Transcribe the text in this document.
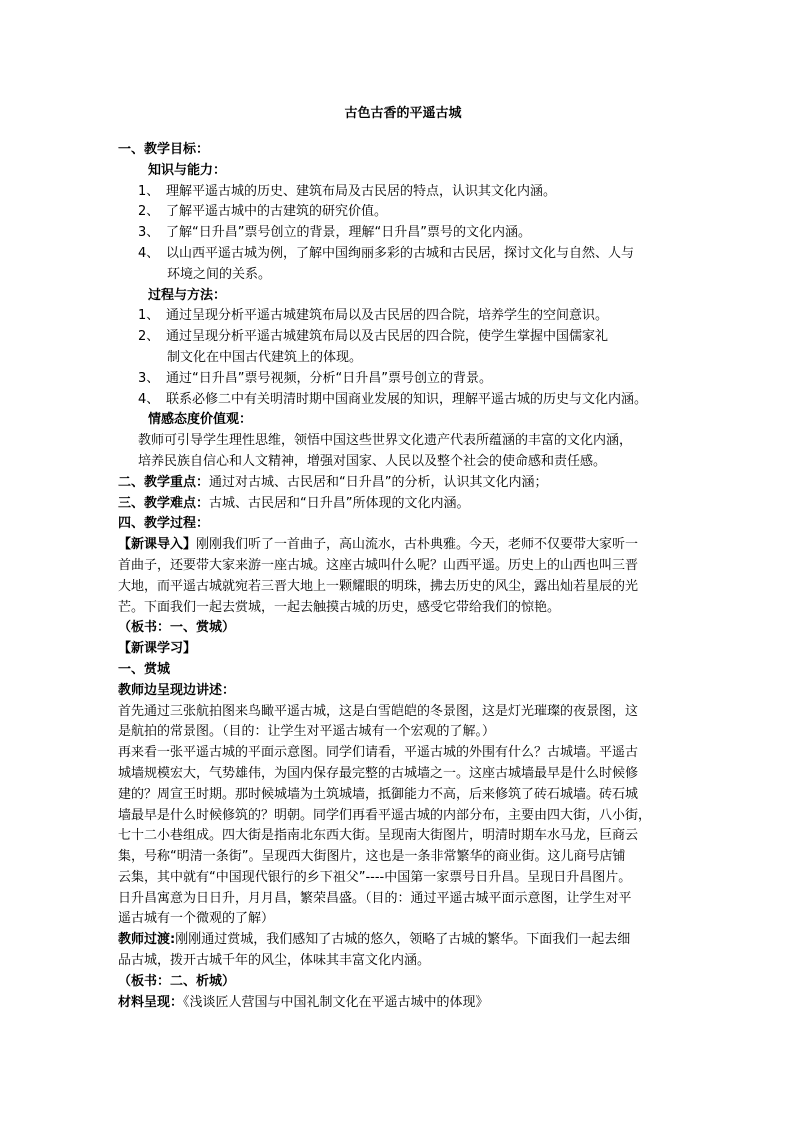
古色古香的平遥古城
一、教学目标：
知识与能力：
1、 理解平遥古城的历史、建筑布局及古民居的特点，认识其文化内涵。
2、 了解平遥古城中的古建筑的研究价值。
3、 了解“日升昌”票号创立的背景，理解“日升昌”票号的文化内涵。
4、 以山西平遥古城为例，了解中国绚丽多彩的古城和古民居，探讨文化与自然、人与
环境之间的关系。
过程与方法：
1、 通过呈现分析平遥古城建筑布局以及古民居的四合院，培养学生的空间意识。
2、 通过呈现分析平遥古城建筑布局以及古民居的四合院，使学生掌握中国儒家礼
制文化在中国古代建筑上的体现。
3、 通过“日升昌”票号视频，分析“日升昌”票号创立的背景。
4、 联系必修二中有关明清时期中国商业发展的知识，理解平遥古城的历史与文化内涵。
情感态度价值观：
教师可引导学生理性思维，领悟中国这些世界文化遗产代表所蕴涵的丰富的文化内涵，
培养民族自信心和人文精神，增强对国家、人民以及整个社会的使命感和责任感。
二、教学重点：通过对古城、古民居和“日升昌”的分析，认识其文化内涵；
三、教学难点：古城、古民居和“日升昌”所体现的文化内涵。
四、教学过程：
【新课导入】刚刚我们听了一首曲子，高山流水，古朴典雅。今天，老师不仅要带大家听一
首曲子，还要带大家来游一座古城。这座古城叫什么呢？山西平遥。历史上的山西也叫三晋
大地，而平遥古城就宛若三晋大地上一颗耀眼的明珠，拂去历史的风尘，露出灿若星辰的光
芒。下面我们一起去赏城，一起去触摸古城的历史，感受它带给我们的惊艳。
（板书：一、赏城）
【新课学习】
一、赏城
教师边呈现边讲述：
首先通过三张航拍图来鸟瞰平遥古城，这是白雪皑皑的冬景图，这是灯光璀璨的夜景图，这
是航拍的常景图。（目的：让学生对平遥古城有一个宏观的了解。）
再来看一张平遥古城的平面示意图。同学们请看，平遥古城的外围有什么？古城墙。平遥古
城墙规模宏大，气势雄伟，为国内保存最完整的古城墙之一。这座古城墙最早是什么时候修
建的？周宣王时期。那时候城墙为土筑城墙，抵御能力不高，后来修筑了砖石城墙。砖石城
墙最早是什么时候修筑的？明朝。同学们再看平遥古城的内部分布，主要由四大街，八小街，
七十二小巷组成。四大街是指南北东西大街。呈现南大街图片，明清时期车水马龙，巨商云
集，号称“明清一条街”。呈现西大街图片，这也是一条非常繁华的商业街。这儿商号店铺
云集，其中就有“中国现代银行的乡下祖父”----中国第一家票号日升昌。呈现日升昌图片。
日升昌寓意为日日升，月月昌，繁荣昌盛。（目的：通过平遥古城平面示意图，让学生对平
遥古城有一个微观的了解）
教师过渡:刚刚通过赏城，我们感知了古城的悠久，领略了古城的繁华。下面我们一起去细
品古城，拨开古城千年的风尘，体味其丰富文化内涵。
（板书：二、析城）
材料呈现：《浅谈匠人营国与中国礼制文化在平遥古城中的体现》
